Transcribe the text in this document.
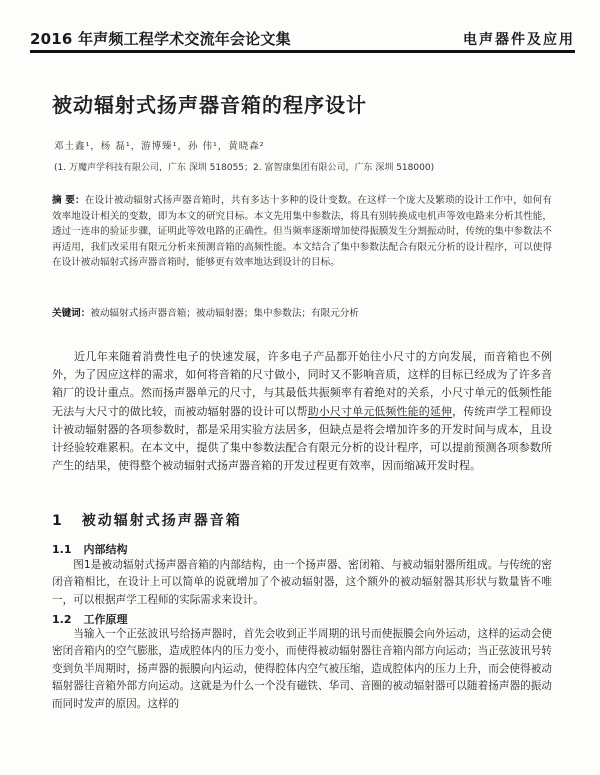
2016 年声频工程学术交流年会论文集	电声器件及应用
被动辐射式扬声器音箱的程序设计
邓土鑫¹，杨 磊¹，游博臻¹，孙 伟¹，黄晓森²
(1. 万魔声学科技有限公司，广东 深圳 518055；2. 富智康集团有限公司，广东 深圳 518000)
摘 要：在设计被动辐射式扬声器音箱时，共有多达十多种的设计变数。在这样一个庞大及繁琐的设计工作中，如何有效率地设计相关的变数，即为本文的研究目标。本文先用集中参数法，将具有别转换成电机声等效电路来分析其性能，透过一连串的验证步骤，证明此等效电路的正确性。但当频率逐渐增加使得振膜发生分割振动时，传统的集中参数法不再适用，我们改采用有限元分析来预测音箱的高频性能。本文结合了集中参数法配合有限元分析的设计程序，可以使得在设计被动辐射式扬声器音箱时，能够更有效率地达到设计的目标。
关键词：被动辐射式扬声器音箱；被动辐射器；集中参数法；有限元分析

近几年来随着消费性电子的快速发展，许多电子产品都开始往小尺寸的方向发展，而音箱也不例外，为了因应这样的需求，如何将音箱的尺寸做小，同时又不影响音质，这样的目标已经成为了许多音箱厂的设计重点。然而扬声器单元的尺寸，与其最低共振频率有着绝对的关系，小尺寸单元的低频性能无法与大尺寸的做比较，而被动辐射器的设计可以帮助小尺寸单元低频性能的延伸，传统声学工程师设计被动辐射器的各项参数时，都是采用实验方法居多，但缺点是将会增加许多的开发时间与成本，且设计经验较难累积。在本文中，提供了集中参数法配合有限元分析的设计程序，可以提前预测各项参数所产生的结果，使得整个被动辐射式扬声器音箱的开发过程更有效率，因而缩减开发时程。

1 被动辐射式扬声器音箱
1.1 内部结构

图1是被动辐射式扬声器音箱的内部结构，由一个扬声器、密闭箱、与被动辐射器所组成。与传统的密闭音箱相比，在设计上可以简单的说就增加了个被动辐射器，这个额外的被动辐射器其形状与数量皆不唯一，可以根据声学工程师的实际需求来设计。

1.2 工作原理

当输入一个正弦波讯号给扬声器时，首先会收到正半周期的讯号而使振膜会向外运动，这样的运动会使密闭音箱内的空气膨胀，造成腔体内的压力变小，而使得被动辐射器往音箱内部方向运动；当正弦波讯号转变到负半周期时，扬声器的振膜向内运动，使得腔体内空气被压缩，造成腔体内的压力上升，而会使得被动辐射器往音箱外部方向运动。这就是为什么一个没有磁铁、华司、音圈的被动辐射器可以随着扬声器的振动而同时发声的原因。这样的
